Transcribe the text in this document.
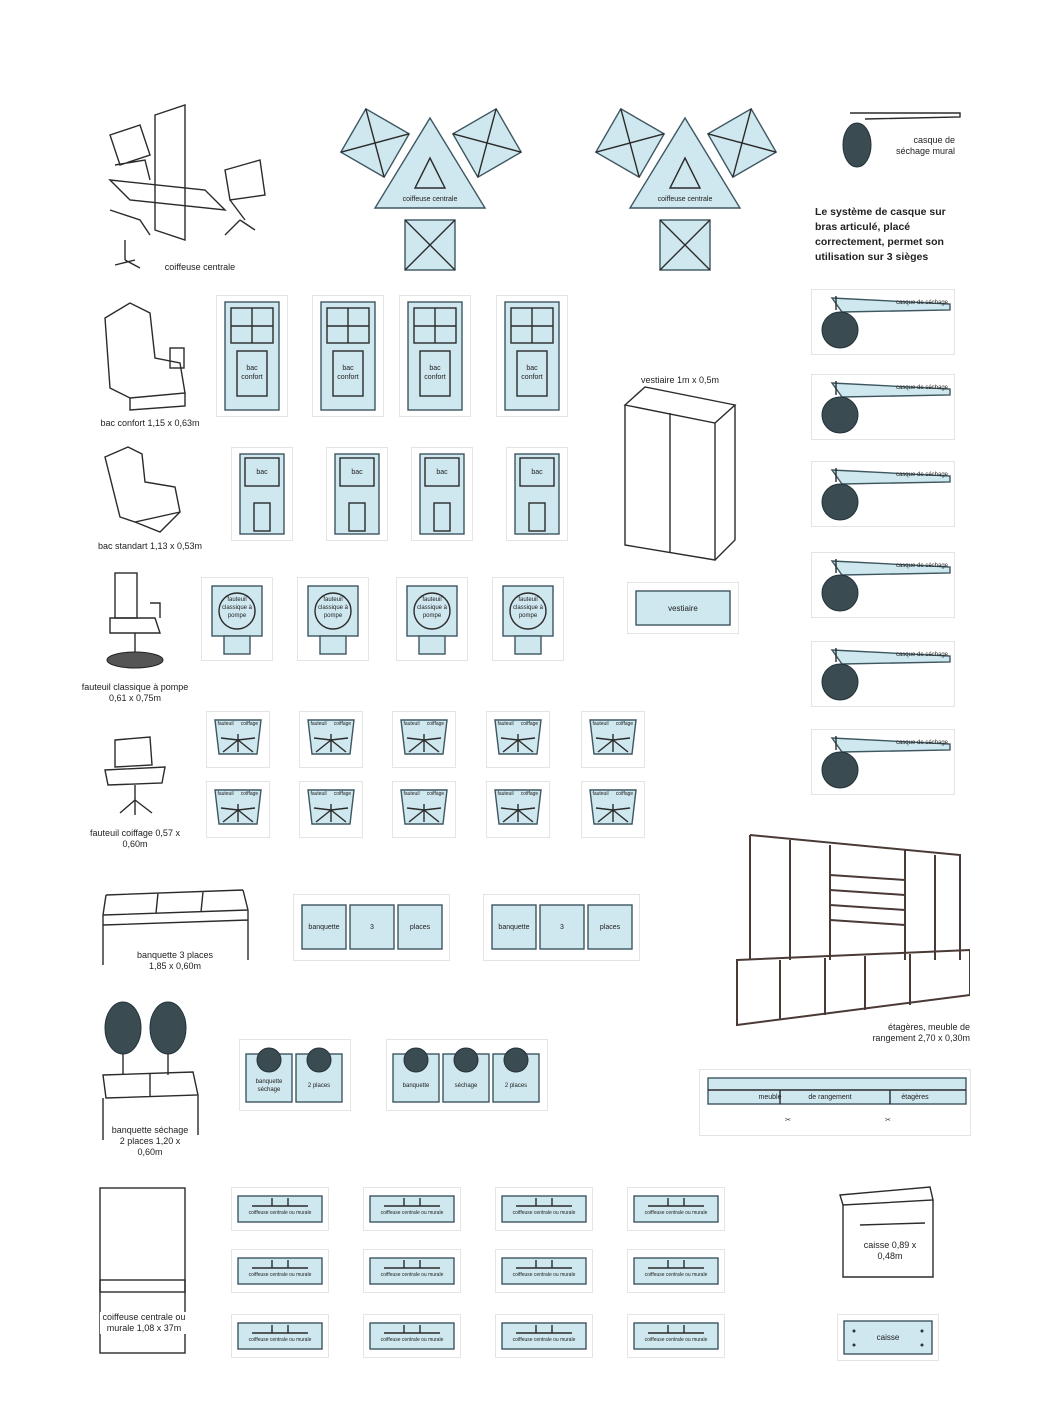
coiffeuse centrale
coiffeuse centrale	coiffeuse centrale
casque de séchage mural
Le système de casque sur bras articulé, placé correctement, permet son utilisation sur 3 sièges
casque de séchage
casque de séchage
casque de séchage
casque de séchage
casque de séchage
casque de séchage
bac confort 1,15 x 0,63m
bac standart 1,13 x 0,53m
fauteuil classique à pompe 0,61 x 0,75m
fauteuil coiffage 0,57 x 0,60m
banquette 3 places 1,85 x 0,60m
banquette séchage 2 places 1,20 x 0,60m
coiffeuse centrale ou murale 1,08 x 37m
bac confort
bac confort
bac confort
bac confort
bac	bac	bac	bac
fauteuil classique à pompe
fauteuil classique à pompe
fauteuil classique à pompe
fauteuil classique à pompe
fauteuil	coiffage	fauteuil	coiffage	fauteuil	coiffage	fauteuil	coiffage	fauteuil	coiffage
fauteuil	coiffage	fauteuil	coiffage	fauteuil	coiffage	fauteuil	coiffage	fauteuil	coiffage
banquette	3	places	banquette	3	places
banquette séchage
2 places	banquette	séchage	2 places
coiffeuse centrale ou murale	coiffeuse centrale ou murale	coiffeuse centrale ou murale	coiffeuse centrale ou murale
coiffeuse centrale ou murale	coiffeuse centrale ou murale	coiffeuse centrale ou murale	coiffeuse centrale ou murale
coiffeuse centrale ou murale	coiffeuse centrale ou murale	coiffeuse centrale ou murale	coiffeuse centrale ou murale
vestiaire 1m x 0,5m
vestiaire
étagères, meuble de rangement 2,70 x 0,30m
✂	✂
meuble	de rangement	étagères
caisse 0,89 x 0,48m
caisse
